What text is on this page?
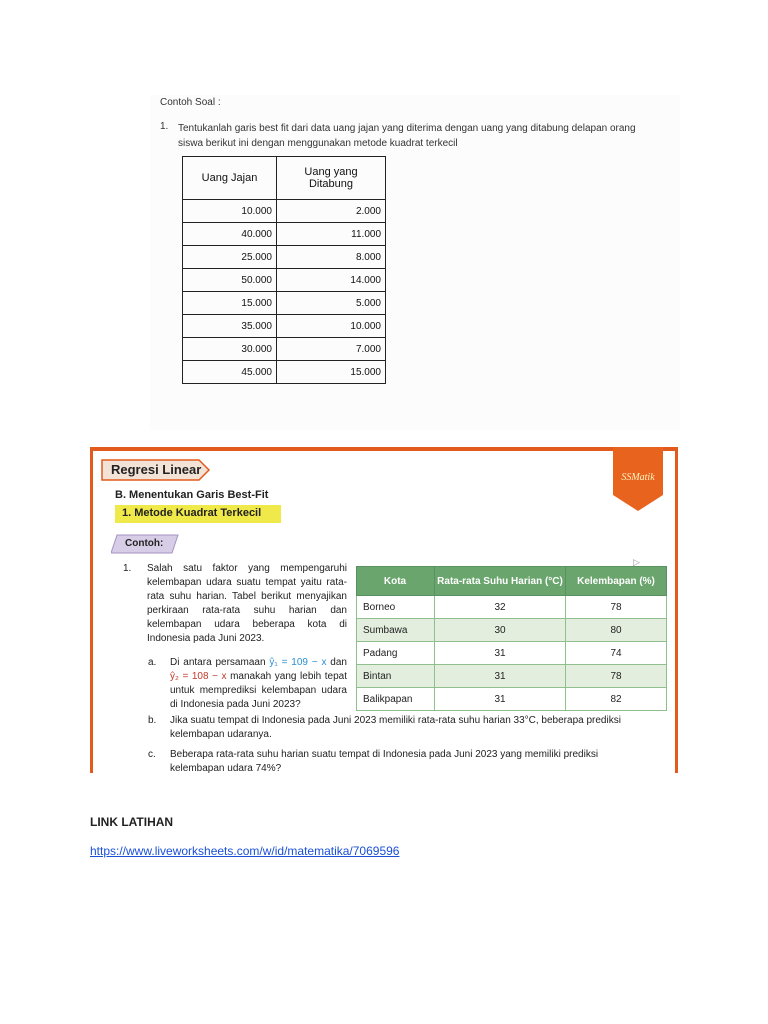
Contoh Soal :
1. Tentukanlah garis best fit dari data uang jajan yang diterima dengan uang yang ditabung delapan orang siswa berikut ini dengan menggunakan metode kuadrat terkecil
Uang Jajan	Uang yang Ditabung
10.000	2.000
40.000	11.000
25.000	8.000
50.000	14.000
15.000	5.000
35.000	10.000
30.000	7.000
45.000	15.000
Regresi Linear
SSMatik
B. Menentukan Garis Best-Fit
1. Metode Kuadrat Terkecil
Contoh:
1. Salah satu faktor yang mempengaruhi kelembapan udara suatu tempat yaitu rata-rata suhu harian. Tabel berikut menyajikan perkiraan rata-rata suhu harian dan kelembapan udara beberapa kota di Indonesia pada Juni 2023.
a. Di antara persamaan ŷ₁ = 109 − x dan ŷ₂ = 108 − x manakah yang lebih tepat untuk memprediksi kelembapan udara di Indonesia pada Juni 2023?
b. Jika suatu tempat di Indonesia pada Juni 2023 memiliki rata-rata suhu harian 33°C, beberapa prediksi kelembapan udaranya.
c. Beberapa rata-rata suhu harian suatu tempat di Indonesia pada Juni 2023 yang memiliki prediksi kelembapan udara 74%?
▷
Kota	Rata-rata Suhu Harian (°C)	Kelembapan (%)
Borneo	32	78
Sumbawa	30	80
Padang	31	74
Bintan	31	78
Balikpapan	31	82
LINK LATIHAN
https://www.liveworksheets.com/w/id/matematika/7069596
